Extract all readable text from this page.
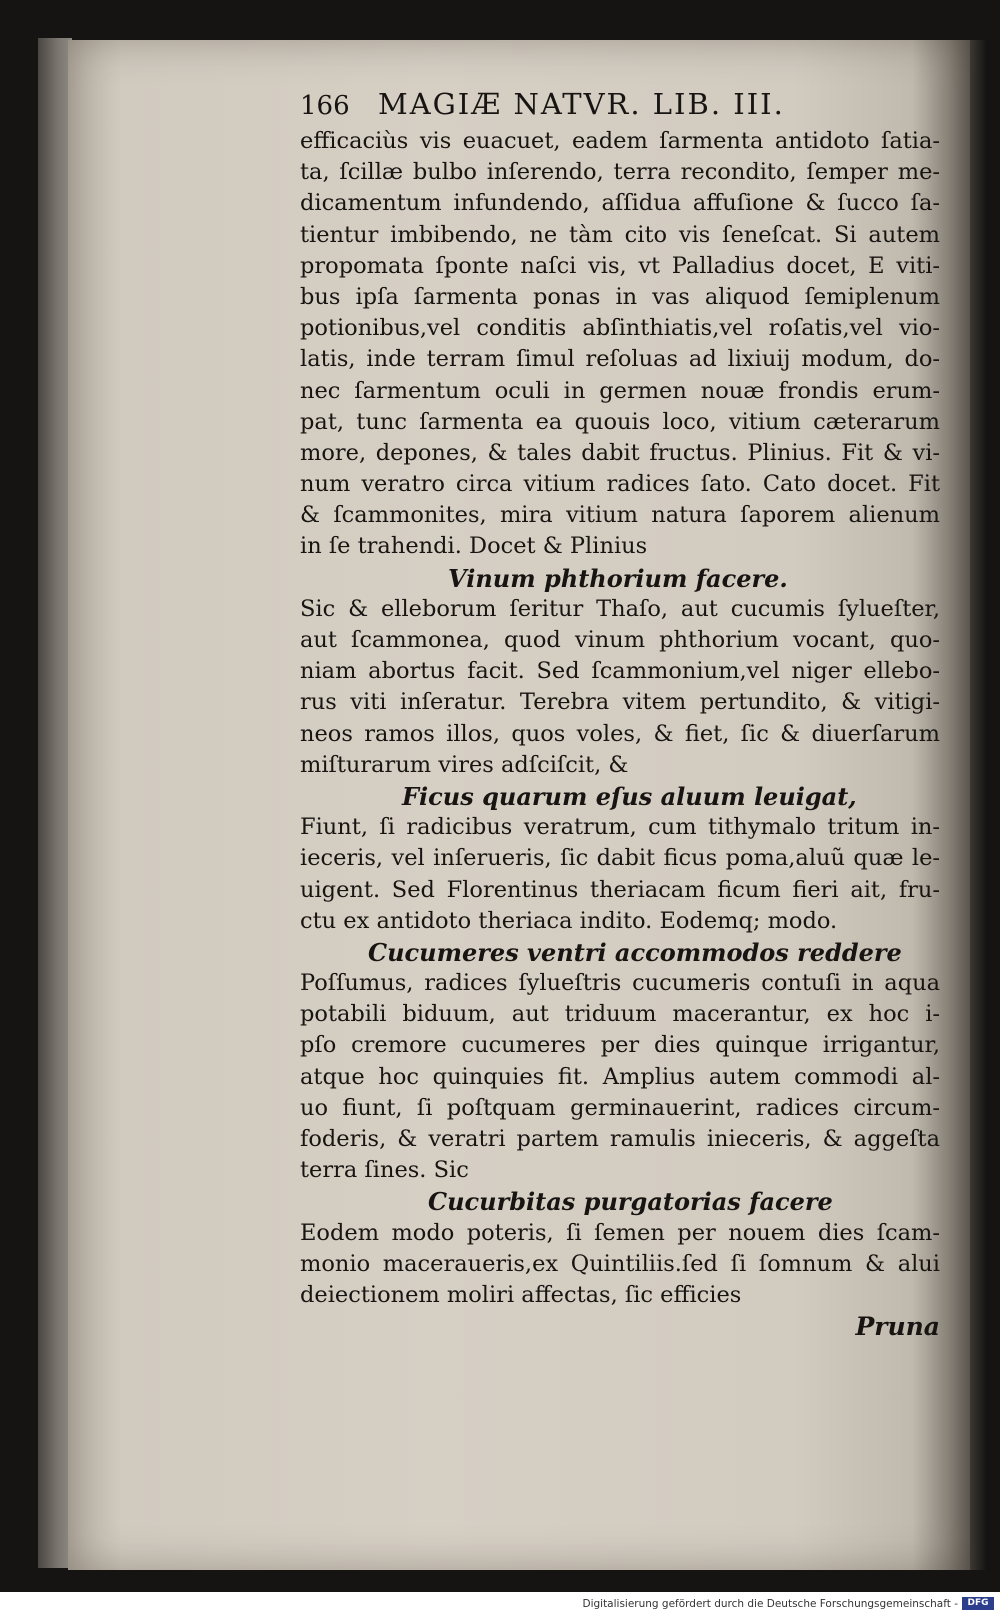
166 MAGIÆ NATVR. LIB. III.
efficaciùs vis euacuet, eadem ſarmenta antidoto ſatia-
ta, ſcillæ bulbo inſerendo, terra recondito, ſemper me-
dicamentum infundendo, aſſidua affuſione & ſucco ſa-
tientur imbibendo, ne tàm cito vis ſeneſcat. Si autem
propomata ſponte naſci vis, vt Palladius docet, E viti-
bus ipſa ſarmenta ponas in vas aliquod ſemiplenum
potionibus,vel conditis abſinthiatis,vel roſatis,vel vio-
latis, inde terram ſimul reſoluas ad lixiuij modum, do-
nec ſarmentum oculi in germen nouæ frondis erum-
pat, tunc ſarmenta ea quouis loco, vitium cæterarum
more, depones, & tales dabit fructus. Plinius. Fit & vi-
num veratro circa vitium radices ſato. Cato docet. Fit
& ſcammonites, mira vitium natura ſaporem alienum
in ſe trahendi. Docet & Plinius
Vinum phthorium facere.
Sic & elleborum ſeritur Thaſo, aut cucumis ſylueſter,
aut ſcammonea, quod vinum phthorium vocant, quo-
niam abortus facit. Sed ſcammonium,vel niger ellebo-
rus viti inſeratur. Terebra vitem pertundito, & vitigi-
neos ramos illos, quos voles, & fiet, ſic & diuerſarum
miſturarum vires adſciſcit, &
Ficus quarum eſus aluum leuigat,
Fiunt, ſi radicibus veratrum, cum tithymalo tritum in-
ieceris, vel inſerueris, ſic dabit ficus poma,aluũ quæ le-
uigent. Sed Florentinus theriacam ficum fieri ait, fru-
ctu ex antidoto theriaca indito. Eodemq; modo.
Cucumeres ventri accommodos reddere
Poſſumus, radices ſylueſtris cucumeris contuſi in aqua
potabili biduum, aut triduum macerantur, ex hoc i-
pſo cremore cucumeres per dies quinque irrigantur,
atque hoc quinquies fit. Amplius autem commodi al-
uo fiunt, ſi poſtquam germinauerint, radices circum-
foderis, & veratri partem ramulis inieceris, & aggeſta
terra ſines. Sic
Cucurbitas purgatorias facere
Eodem modo poteris, ſi ſemen per nouem dies ſcam-
monio maceraueris,ex Quintiliis.ſed ſi ſomnum & alui
deiectionem moliri affectas, ſic efficies
Pruna
Digitalisierung gefördert durch die Deutsche Forschungsgemeinschaft -	DFG
